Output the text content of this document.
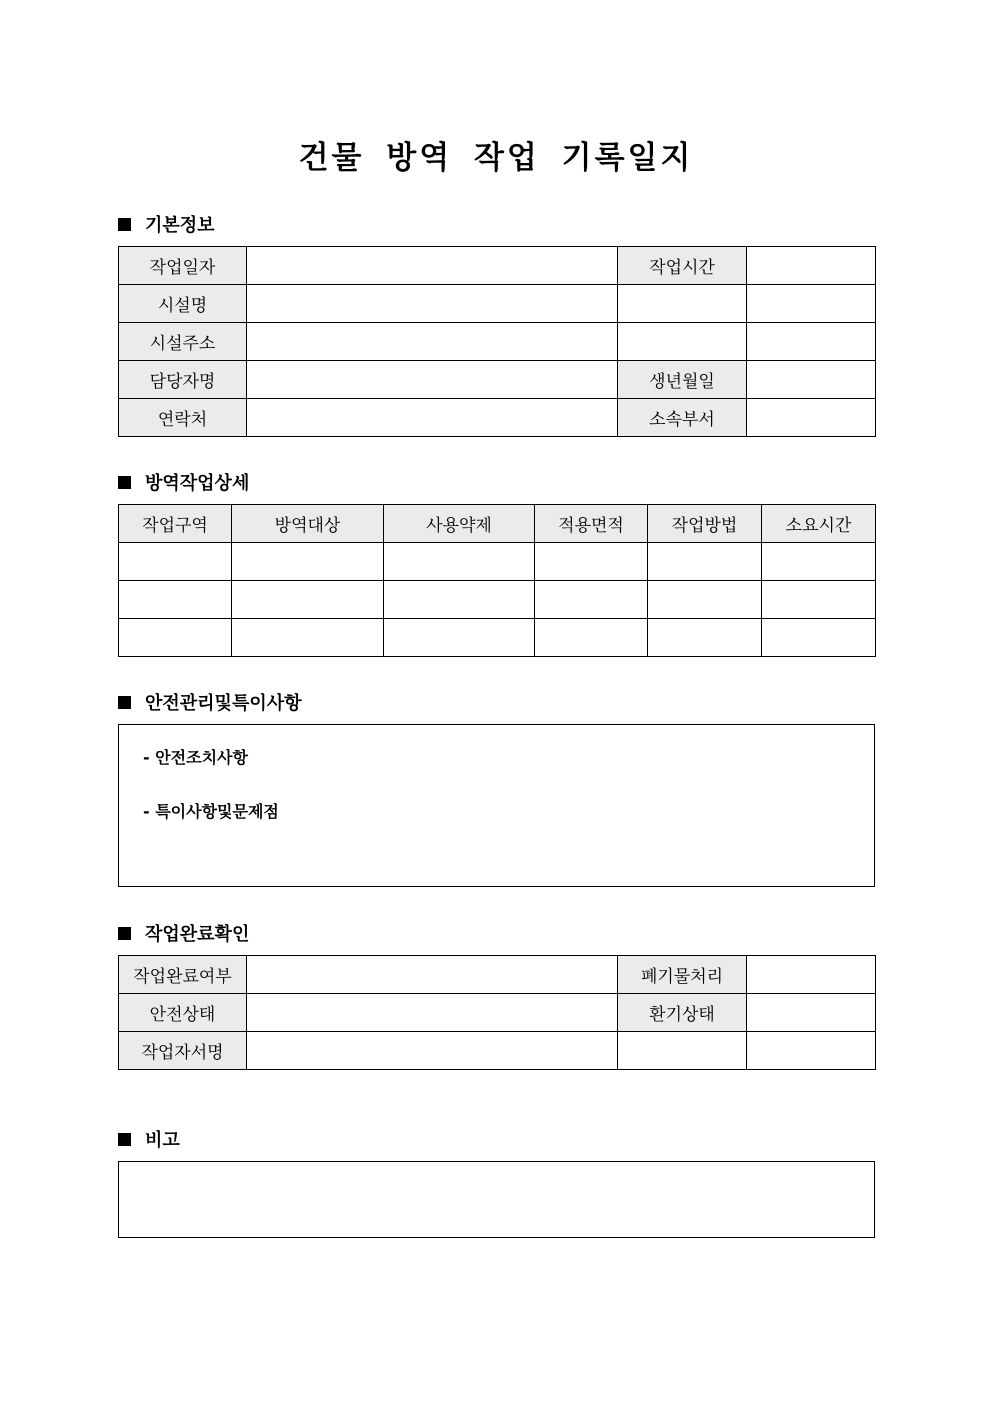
건물 방역 작업 기록일지
기본정보
작업일자		작업시간	
시설명			
시설주소			
담당자명		생년월일	
연락처		소속부서	
방역작업상세
작업구역	방역대상	사용약제	적용면적	작업방법	소요시간

안전관리및특이사항
- 안전조치사항
- 특이사항및문제점
작업완료확인
작업완료여부		폐기물처리	
안전상태		환기상태	
작업자서명			
비고
